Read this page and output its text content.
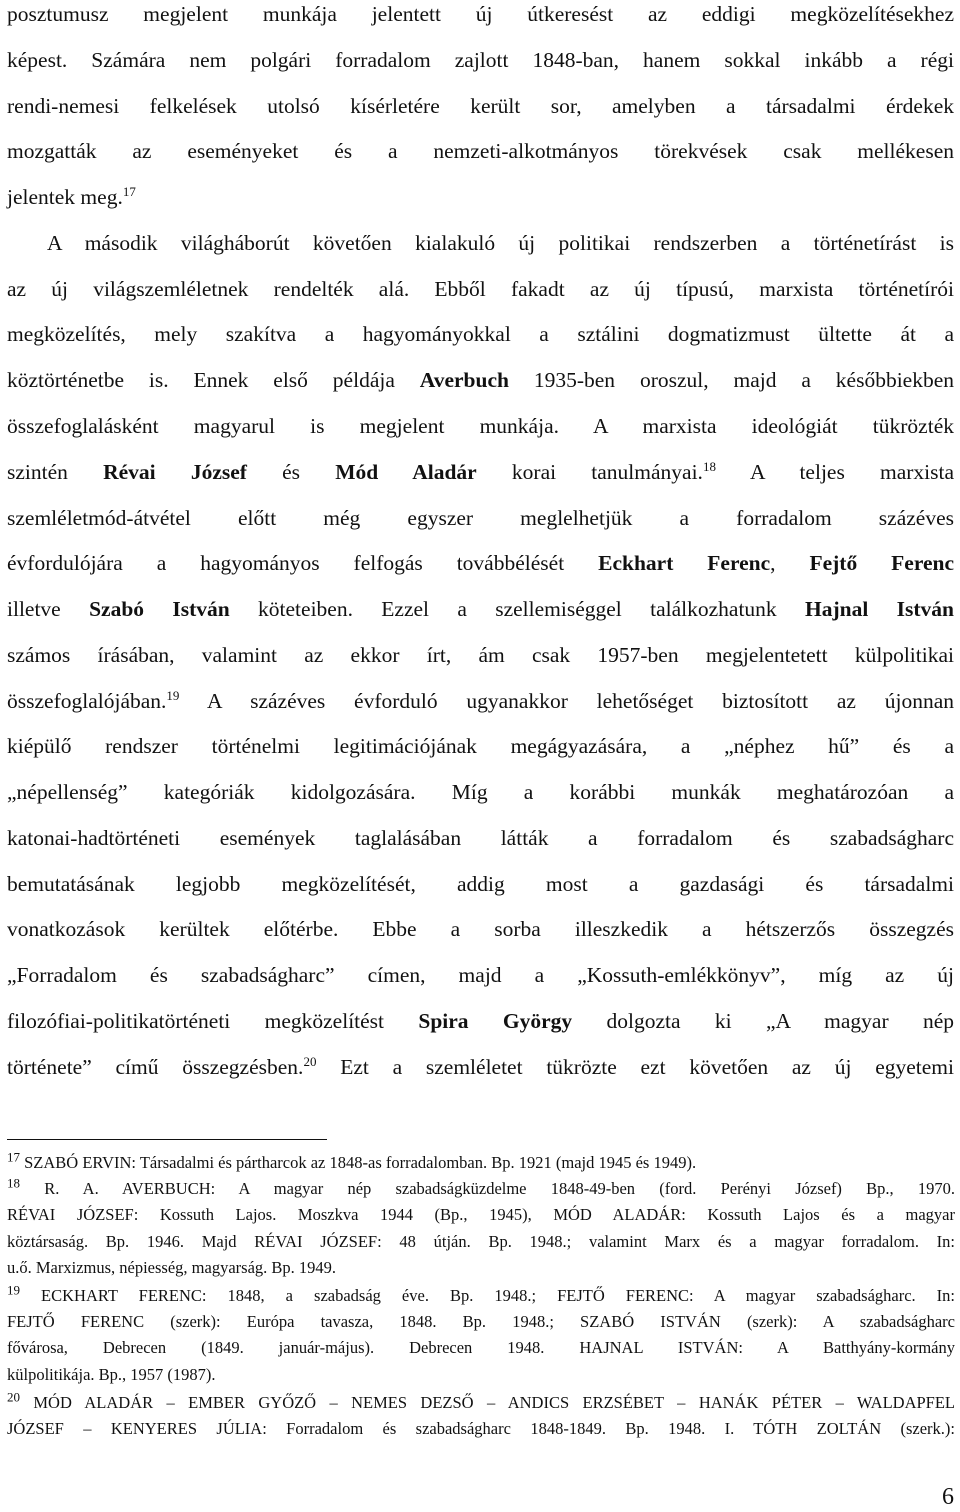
posztumusz megjelent munkája jelentett új útkeresést az eddigi megközelítésekhez
képest. Számára nem polgári forradalom zajlott 1848-ban, hanem sokkal inkább a régi
rendi-nemesi felkelések utolsó kísérletére került sor, amelyben a társadalmi érdekek
mozgatták az eseményeket és a nemzeti-alkotmányos törekvések csak mellékesen
jelentek meg.$^{17}$
A második világháborút követően kialakuló új politikai rendszerben a történetírást is
az új világszemléletnek rendelték alá. Ebből fakadt az új típusú, marxista történetírói
megközelítés, mely szakítva a hagyományokkal a sztálini dogmatizmust ültette át a
köztörténetbe is. Ennek első példája Averbuch 1935-ben oroszul, majd a későbbiekben
összefoglalásként magyarul is megjelent munkája. A marxista ideológiát tükrözték
szintén Révai József és Mód Aladár korai tanulmányai.$^{18}$ A teljes marxista
szemléletmód-átvétel előtt még egyszer meglelhetjük a forradalom százéves
évfordulójára a hagyományos felfogás továbbélését Eckhart Ferenc, Fejtő Ferenc
illetve Szabó István köteteiben. Ezzel a szellemiséggel találkozhatunk Hajnal István
számos írásában, valamint az ekkor írt, ám csak 1957-ben megjelentetett külpolitikai
összefoglalójában.$^{19}$ A százéves évforduló ugyanakkor lehetőséget biztosított az újonnan
kiépülő rendszer történelmi legitimációjának megágyazására, a „néphez hű” és a
„népellenség” kategóriák kidolgozására. Míg a korábbi munkák meghatározóan a
katonai-hadtörténeti események taglalásában látták a forradalom és szabadságharc
bemutatásának legjobb megközelítését, addig most a gazdasági és társadalmi
vonatkozások kerültek előtérbe. Ebbe a sorba illeszkedik a hétszerzős összegzés
„Forradalom és szabadságharc” címen, majd a „Kossuth-emlékkönyv”, míg az új
filozófiai-politikatörténeti megközelítést Spira György dolgozta ki „A magyar nép
története” című összegzésben.$^{20}$ Ezt a szemléletet tükrözte ezt követően az új egyetemi
$^{17}$ SZABÓ ERVIN: Társadalmi és pártharcok az 1848-as forradalomban. Bp. 1921 (majd 1945 és 1949).
$^{18}$ R. A. AVERBUCH: A magyar nép szabadságküzdelme 1848-49-ben (ford. Perényi József) Bp., 1970.
RÉVAI JÓZSEF: Kossuth Lajos. Moszkva 1944 (Bp., 1945), MÓD ALADÁR: Kossuth Lajos és a magyar
köztársaság. Bp. 1946. Majd RÉVAI JÓZSEF: 48 útján. Bp. 1948.; valamint Marx és a magyar forradalom. In:
u.ő. Marxizmus, népiesség, magyarság. Bp. 1949.
$^{19}$ ECKHART FERENC: 1848, a szabadság éve. Bp. 1948.; FEJTŐ FERENC: A magyar szabadságharc. In:
FEJTŐ FERENC (szerk): Európa tavasza, 1848. Bp. 1948.; SZABÓ ISTVÁN (szerk): A szabadságharc
fővárosa, Debrecen (1849. január-május). Debrecen 1948. HAJNAL ISTVÁN: A Batthyány-kormány
külpolitikája. Bp., 1957 (1987).
$^{20}$ MÓD ALADÁR – EMBER GYŐZŐ – NEMES DEZSŐ – ANDICS ERZSÉBET – HANÁK PÉTER – WALDAPFEL
JÓZSEF – KENYERES JÚLIA: Forradalom és szabadságharc 1848-1849. Bp. 1948. I. TÓTH ZOLTÁN (szerk.):
6
